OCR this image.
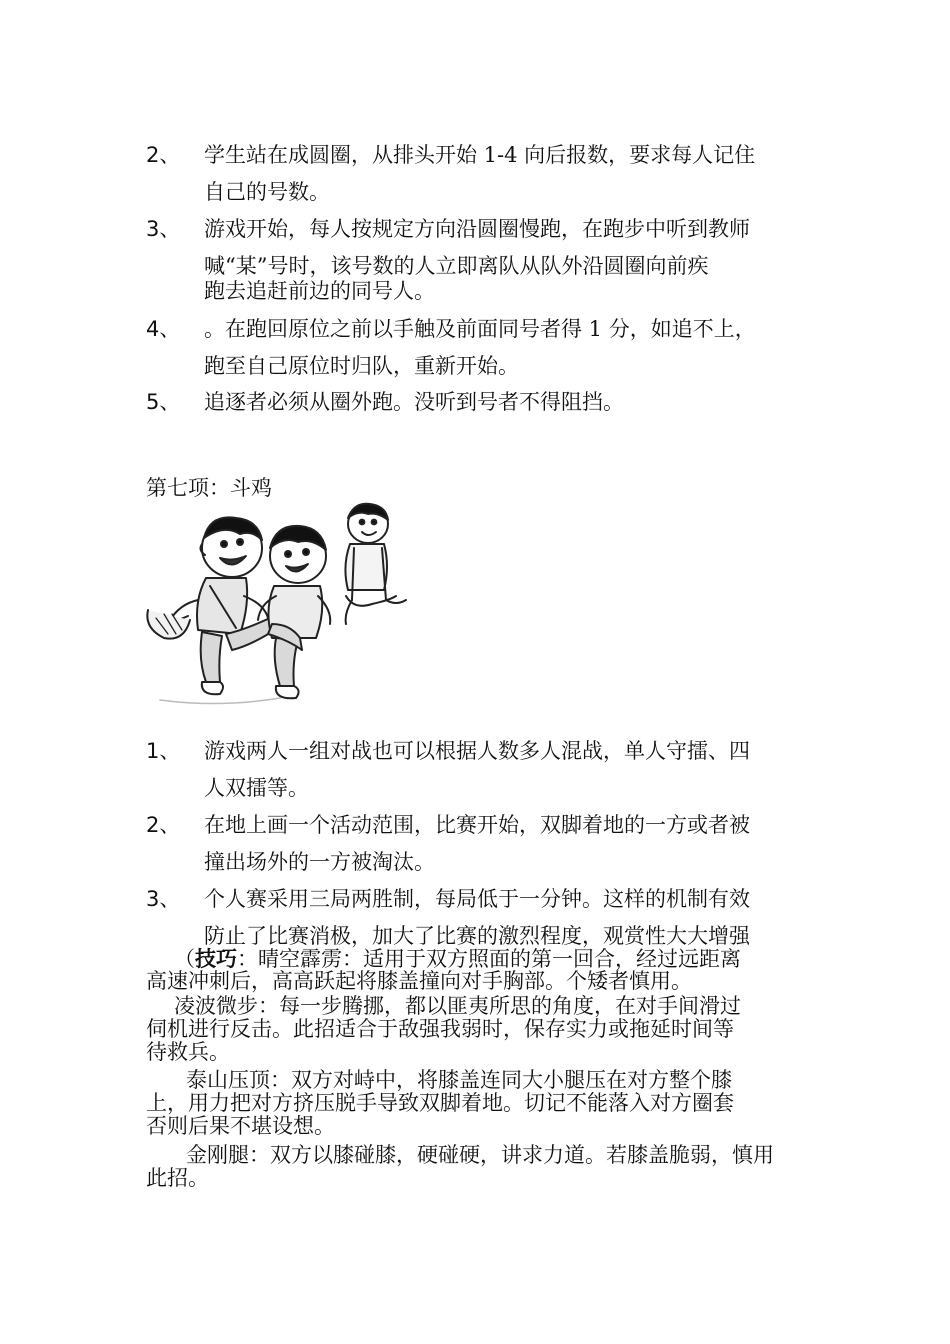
2、 学生站在成圆圈，从排头开始 1-4 向后报数，要求每人记住
自己的号数。
3、 游戏开始，每人按规定方向沿圆圈慢跑，在跑步中听到教师
喊“某”号时，该号数的人立即离队从队外沿圆圈向前疾
跑去追赶前边的同号人。
4、 。在跑回原位之前以手触及前面同号者得 1 分，如追不上，
跑至自己原位时归队，重新开始。
5、 追逐者必须从圈外跑。没听到号者不得阻挡。
第七项：斗鸡
1、 游戏两人一组对战也可以根据人数多人混战，单人守擂、四
人双擂等。
2、 在地上画一个活动范围，比赛开始，双脚着地的一方或者被
撞出场外的一方被淘汰。
3、 个人赛采用三局两胜制，每局低于一分钟。这样的机制有效
防止了比赛消极，加大了比赛的激烈程度，观赏性大大增强
（技巧：晴空霹雳：适用于双方照面的第一回合，经过远距离
高速冲刺后，高高跃起将膝盖撞向对手胸部。个矮者慎用。
凌波微步：每一步腾挪，都以匪夷所思的角度，在对手间滑过
伺机进行反击。此招适合于敌强我弱时，保存实力或拖延时间等
待救兵。
泰山压顶：双方对峙中，将膝盖连同大小腿压在对方整个膝
上，用力把对方挤压脱手导致双脚着地。切记不能落入对方圈套
否则后果不堪设想。
金刚腿：双方以膝碰膝，硬碰硬，讲求力道。若膝盖脆弱，慎用
此招。
